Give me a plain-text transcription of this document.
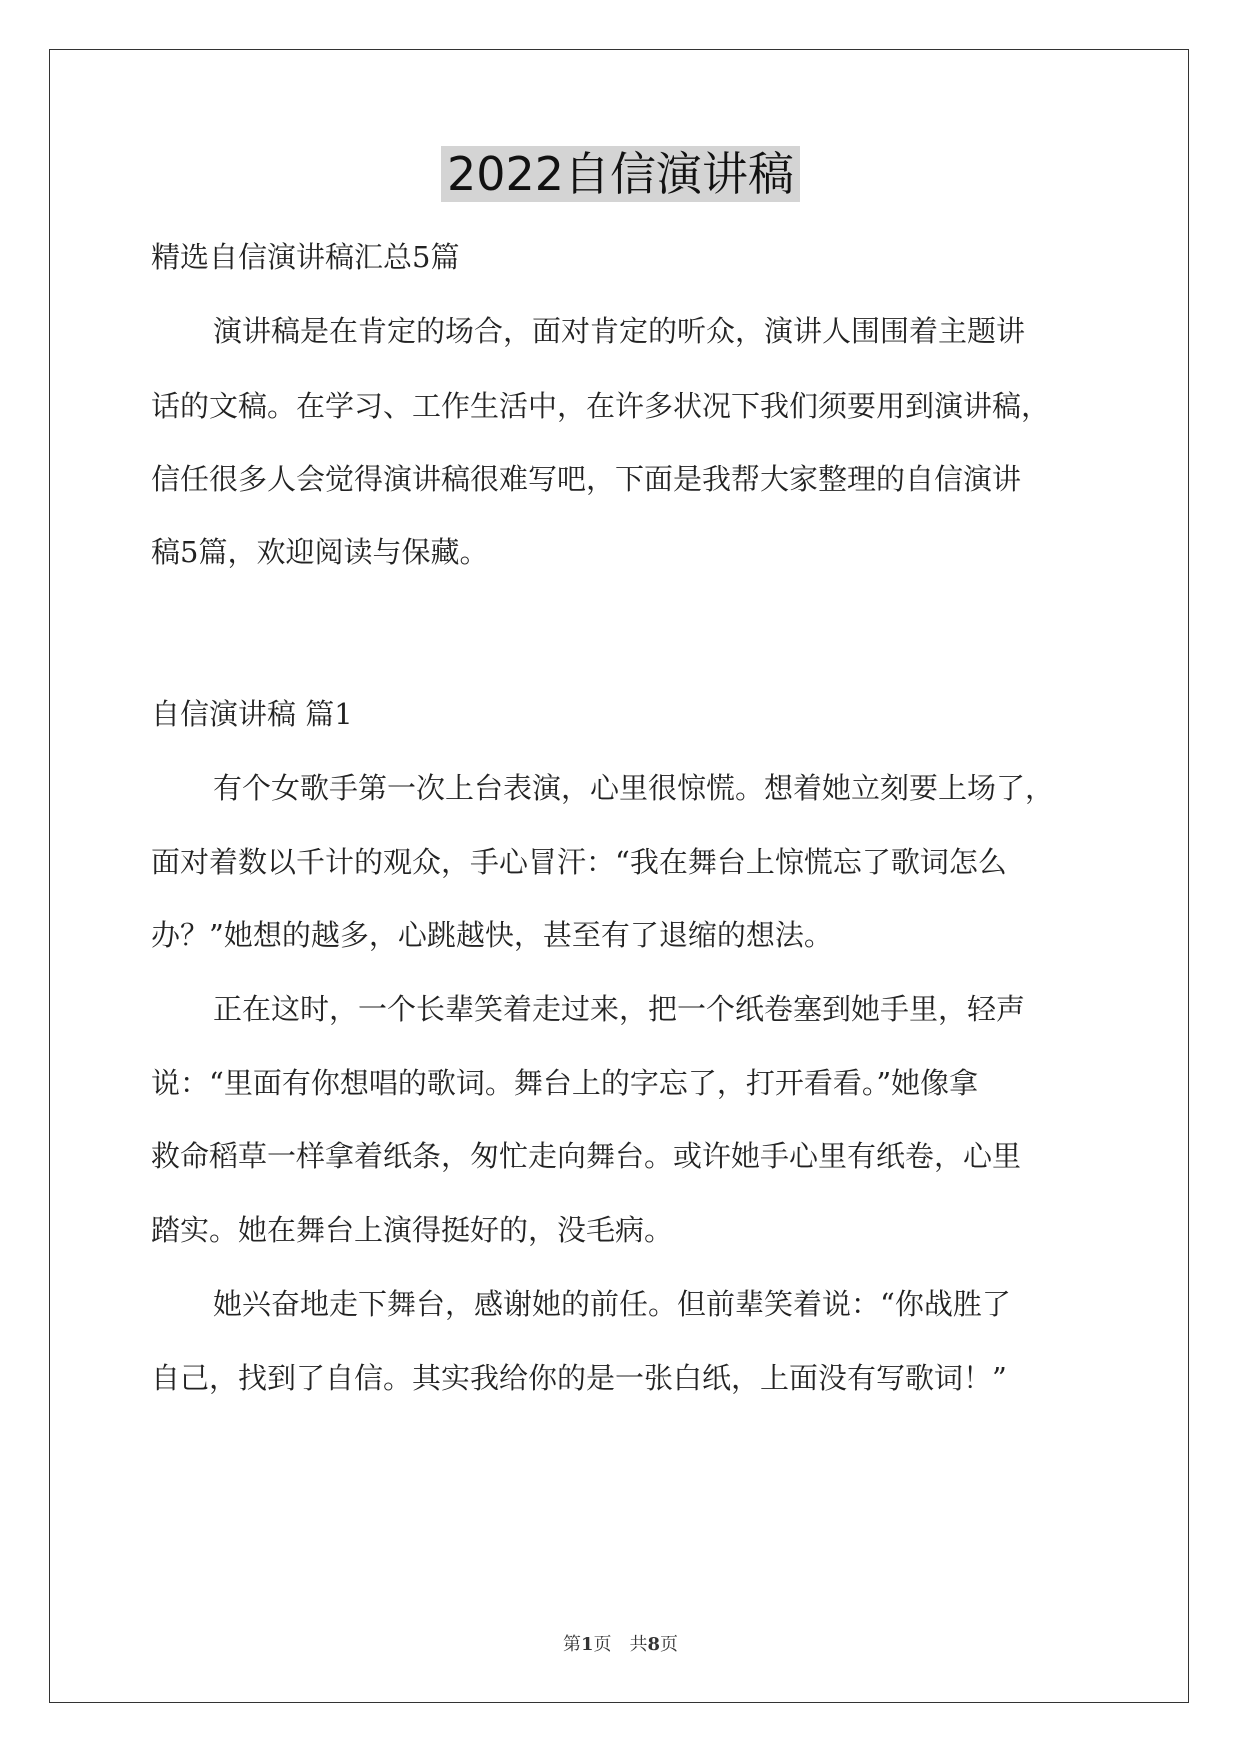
2022自信演讲稿
精选自信演讲稿汇总5篇
演讲稿是在肯定的场合，面对肯定的听众，演讲人围围着主题讲
话的文稿。在学习、工作生活中，在许多状况下我们须要用到演讲稿，
信任很多人会觉得演讲稿很难写吧，下面是我帮大家整理的自信演讲
稿5篇，欢迎阅读与保藏。
自信演讲稿 篇1
有个女歌手第一次上台表演，心里很惊慌。想着她立刻要上场了，
面对着数以千计的观众，手心冒汗：“我在舞台上惊慌忘了歌词怎么
办？”她想的越多，心跳越快，甚至有了退缩的想法。
正在这时，一个长辈笑着走过来，把一个纸卷塞到她手里，轻声
说：“里面有你想唱的歌词。舞台上的字忘了，打开看看。”她像拿
救命稻草一样拿着纸条，匆忙走向舞台。或许她手心里有纸卷，心里
踏实。她在舞台上演得挺好的，没毛病。
她兴奋地走下舞台，感谢她的前任。但前辈笑着说：“你战胜了
自己，找到了自信。其实我给你的是一张白纸，上面没有写歌词！”
第1页　共8页
